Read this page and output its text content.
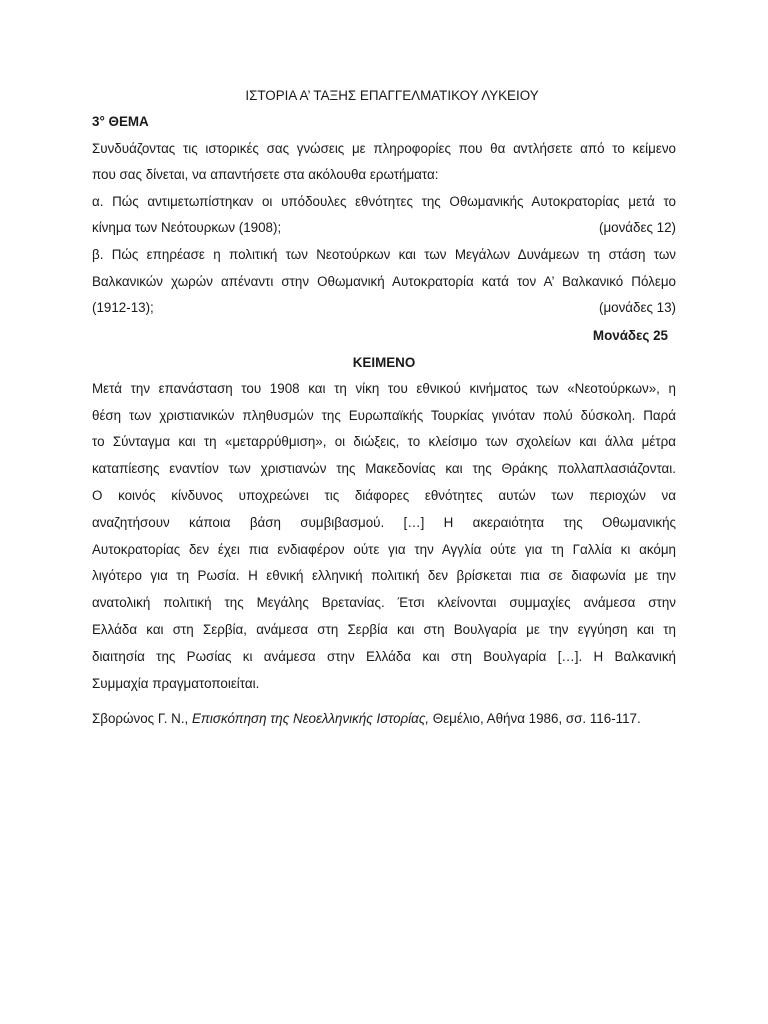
ΙΣΤΟΡΙΑ Α’ ΤΑΞΗΣ ΕΠΑΓΓΕΛΜΑΤΙΚΟΥ ΛΥΚΕΙΟΥ
3° ΘΕΜΑ
Συνδυάζοντας τις ιστορικές σας γνώσεις με πληροφορίες που θα αντλήσετε από το κείμενο
που σας δίνεται, να απαντήσετε στα ακόλουθα ερωτήματα:
α. Πώς αντιμετωπίστηκαν οι υπόδουλες εθνότητες της Οθωμανικής Αυτοκρατορίας μετά το
κίνημα των Νεότουρκων (1908);	(μονάδες 12)
β. Πώς επηρέασε η πολιτική των Νεοτούρκων και των Μεγάλων Δυνάμεων τη στάση των
Βαλκανικών χωρών απέναντι στην Οθωμανική Αυτοκρατορία κατά τον Α’ Βαλκανικό Πόλεμο
(1912-13);	(μονάδες 13)
Μονάδες 25
ΚΕΙΜΕΝΟ
Μετά την επανάσταση του 1908 και τη νίκη του εθνικού κινήματος των «Νεοτούρκων», η
θέση των χριστιανικών πληθυσμών της Ευρωπαϊκής Τουρκίας γινόταν πολύ δύσκολη. Παρά
το Σύνταγμα και τη «μεταρρύθμιση», οι διώξεις, το κλείσιμο των σχολείων και άλλα μέτρα
καταπίεσης εναντίον των χριστιανών της Μακεδονίας και της Θράκης πολλαπλασιάζονται.
Ο κοινός κίνδυνος υποχρεώνει τις διάφορες εθνότητες αυτών των περιοχών να
αναζητήσουν κάποια βάση συμβιβασμού. […] Η ακεραιότητα της Οθωμανικής
Αυτοκρατορίας δεν έχει πια ενδιαφέρον ούτε για την Αγγλία ούτε για τη Γαλλία κι ακόμη
λιγότερο για τη Ρωσία. Η εθνική ελληνική πολιτική δεν βρίσκεται πια σε διαφωνία με την
ανατολική πολιτική της Μεγάλης Βρετανίας. Έτσι κλείνονται συμμαχίες ανάμεσα στην
Ελλάδα και στη Σερβία, ανάμεσα στη Σερβία και στη Βουλγαρία με την εγγύηση και τη
διαιτησία της Ρωσίας κι ανάμεσα στην Ελλάδα και στη Βουλγαρία […]. Η Βαλκανική
Συμμαχία πραγματοποιείται.
Σβορώνος Γ. Ν., Επισκόπηση της Νεοελληνικής Ιστορίας, Θεμέλιο, Αθήνα 1986, σσ. 116-117.
